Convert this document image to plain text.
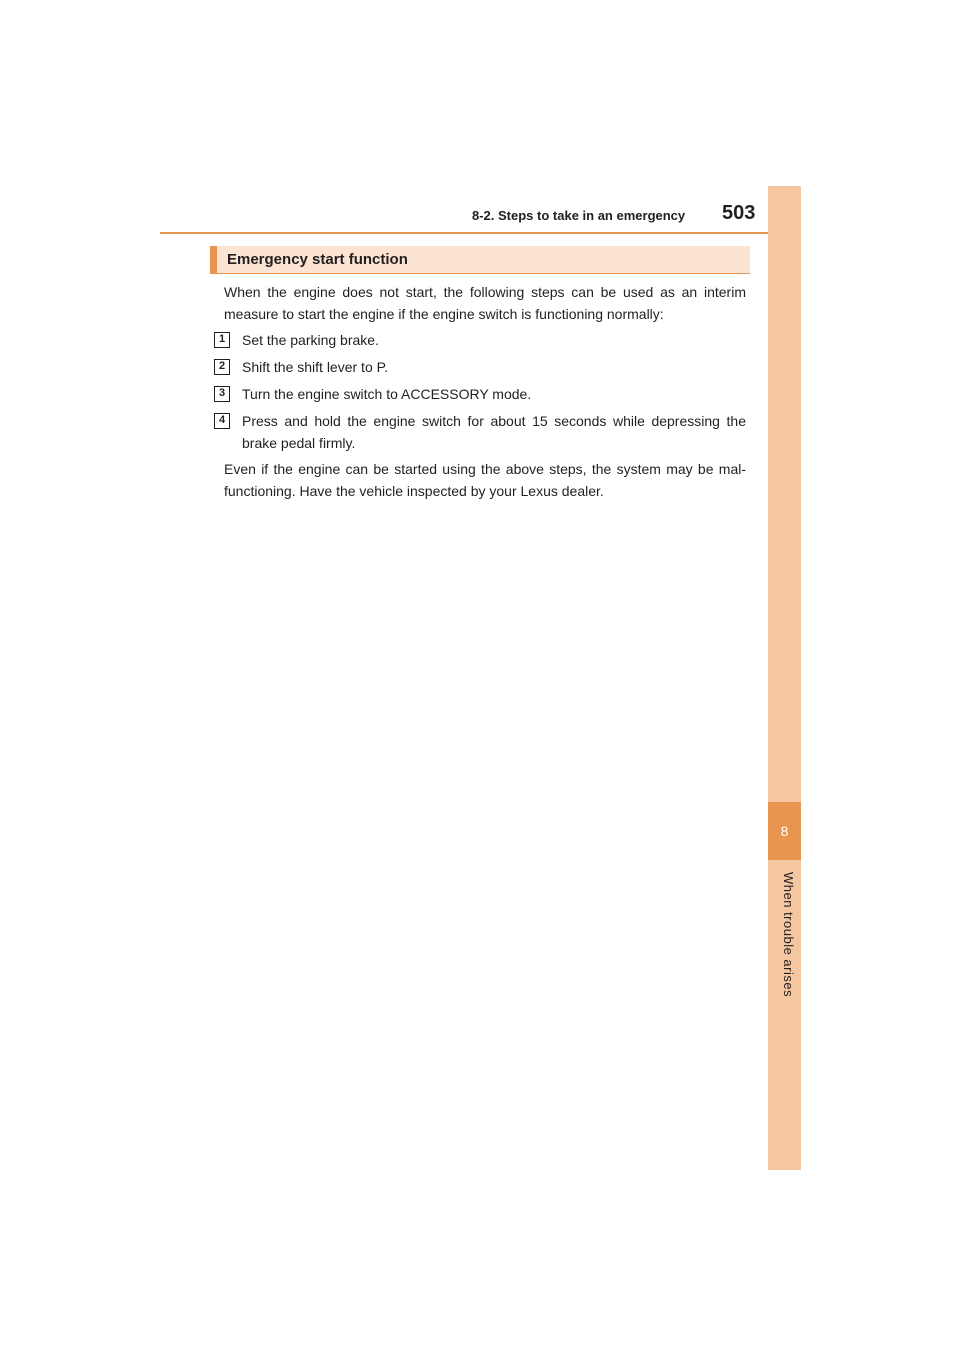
8-2. Steps to take in an emergency 503
8
When trouble arises
Emergency start function
When the engine does not start, the following steps can be used as an interim measure to start the engine if the engine switch is functioning normally:
1	Set the parking brake.
2	Shift the shift lever to P.
3	Turn the engine switch to ACCESSORY mode.
4	Press and hold the engine switch for about 15 seconds while depressing the brake pedal firmly.
Even if the engine can be started using the above steps, the system may be mal-functioning. Have the vehicle inspected by your Lexus dealer.
